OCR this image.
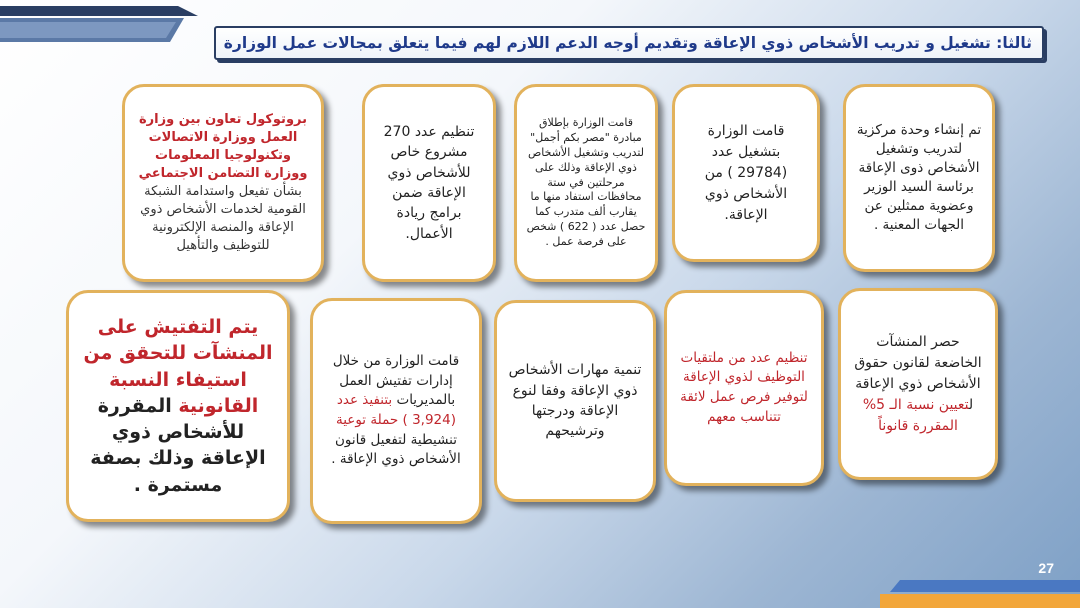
ثالثا: تشغيل و تدريب الأشخاص ذوي الإعاقة وتقديم أوجه الدعم اللازم لهم فيما يتعلق بمجالات عمل الوزارة

تم إنشاء وحدة مركزية لتدريب وتشغيل الأشخاص ذوى الإعاقة برئاسة السيد الوزير وعضوية ممثلين عن الجهات المعنية .

قامت الوزارة بتشغيل عدد (29784 ) من الأشخاص ذوي الإعاقة.

قامت الوزارة بإطلاق مبادرة "مصر بكم أجمل" لتدريب وتشغيل الأشخاص ذوي الإعاقة وذلك على مرحلتين في ستة محافظات استفاد منها ما يقارب ألف متدرب كما حصل عدد ( 622 ) شخص على فرصة عمل .

تنظيم عدد 270 مشروع خاص للأشخاص ذوي الإعاقة ضمن برامج ريادة الأعمال.

بروتوكول تعاون بين وزارة العمل ووزارة الاتصالات وتكنولوجيا المعلومات ووزارة التضامن الاجتماعي
بشأن تفيعل واستدامة الشبكة القومية لخدمات الأشخاص ذوي الإعاقة والمنصة الإلكترونية للتوظيف والتأهيل

حصر المنشآت الخاضعة لقانون حقوق الأشخاص ذوي الإعاقة لتعيين نسبة الـ 5% المقررة قانوناً

تنظيم عدد من ملتقيات التوظيف لذوي الإعاقة لتوفير فرص عمل لائقة تتناسب معهم

تنمية مهارات الأشخاص ذوي الإعاقة وفقا لنوع الإعاقة ودرجتها وترشيحهم

قامت الوزارة من خلال إدارات تفتيش العمل بالمديريات بتنفيذ عدد (3,924 ) حملة توعية تنشيطية لتفعيل قانون الأشخاص ذوي الإعاقة .

يتم التفتيش على المنشآت للتحقق من استيفاء النسبة القانونية المقررة للأشخاص ذوي الإعاقة وذلك بصفة مستمرة .

27
